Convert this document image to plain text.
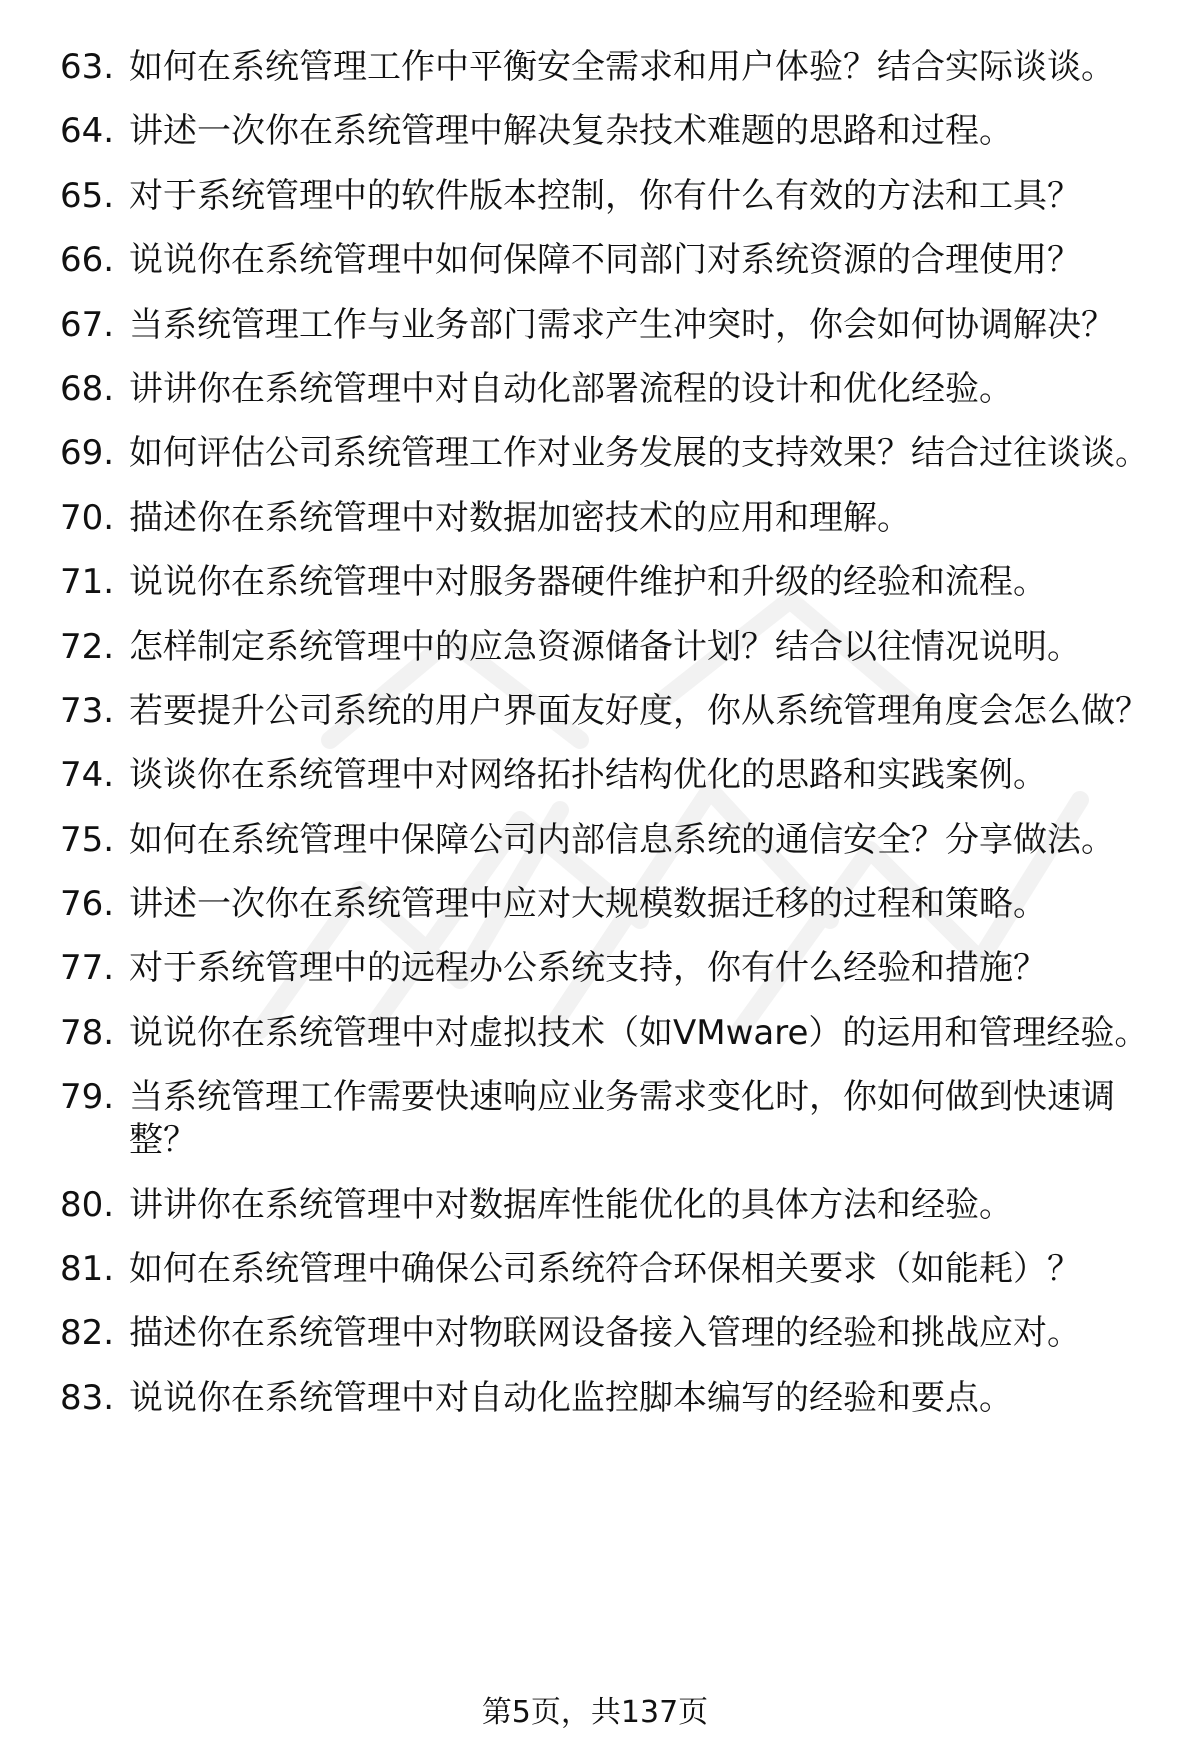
63. 如何在系统管理工作中平衡安全需求和用户体验？结合实际谈谈。
64. 讲述一次你在系统管理中解决复杂技术难题的思路和过程。
65. 对于系统管理中的软件版本控制，你有什么有效的方法和工具？
66. 说说你在系统管理中如何保障不同部门对系统资源的合理使用？
67. 当系统管理工作与业务部门需求产生冲突时，你会如何协调解决？
68. 讲讲你在系统管理中对自动化部署流程的设计和优化经验。
69. 如何评估公司系统管理工作对业务发展的支持效果？结合过往谈谈。
70. 描述你在系统管理中对数据加密技术的应用和理解。
71. 说说你在系统管理中对服务器硬件维护和升级的经验和流程。
72. 怎样制定系统管理中的应急资源储备计划？结合以往情况说明。
73. 若要提升公司系统的用户界面友好度，你从系统管理角度会怎么做？
74. 谈谈你在系统管理中对网络拓扑结构优化的思路和实践案例。
75. 如何在系统管理中保障公司内部信息系统的通信安全？分享做法。
76. 讲述一次你在系统管理中应对大规模数据迁移的过程和策略。
77. 对于系统管理中的远程办公系统支持，你有什么经验和措施？
78. 说说你在系统管理中对虚拟技术（如VMware）的运用和管理经验。
79. 当系统管理工作需要快速响应业务需求变化时，你如何做到快速调整？
80. 讲讲你在系统管理中对数据库性能优化的具体方法和经验。
81. 如何在系统管理中确保公司系统符合环保相关要求（如能耗）？
82. 描述你在系统管理中对物联网设备接入管理的经验和挑战应对。
83. 说说你在系统管理中对自动化监控脚本编写的经验和要点。
第5页，共137页
